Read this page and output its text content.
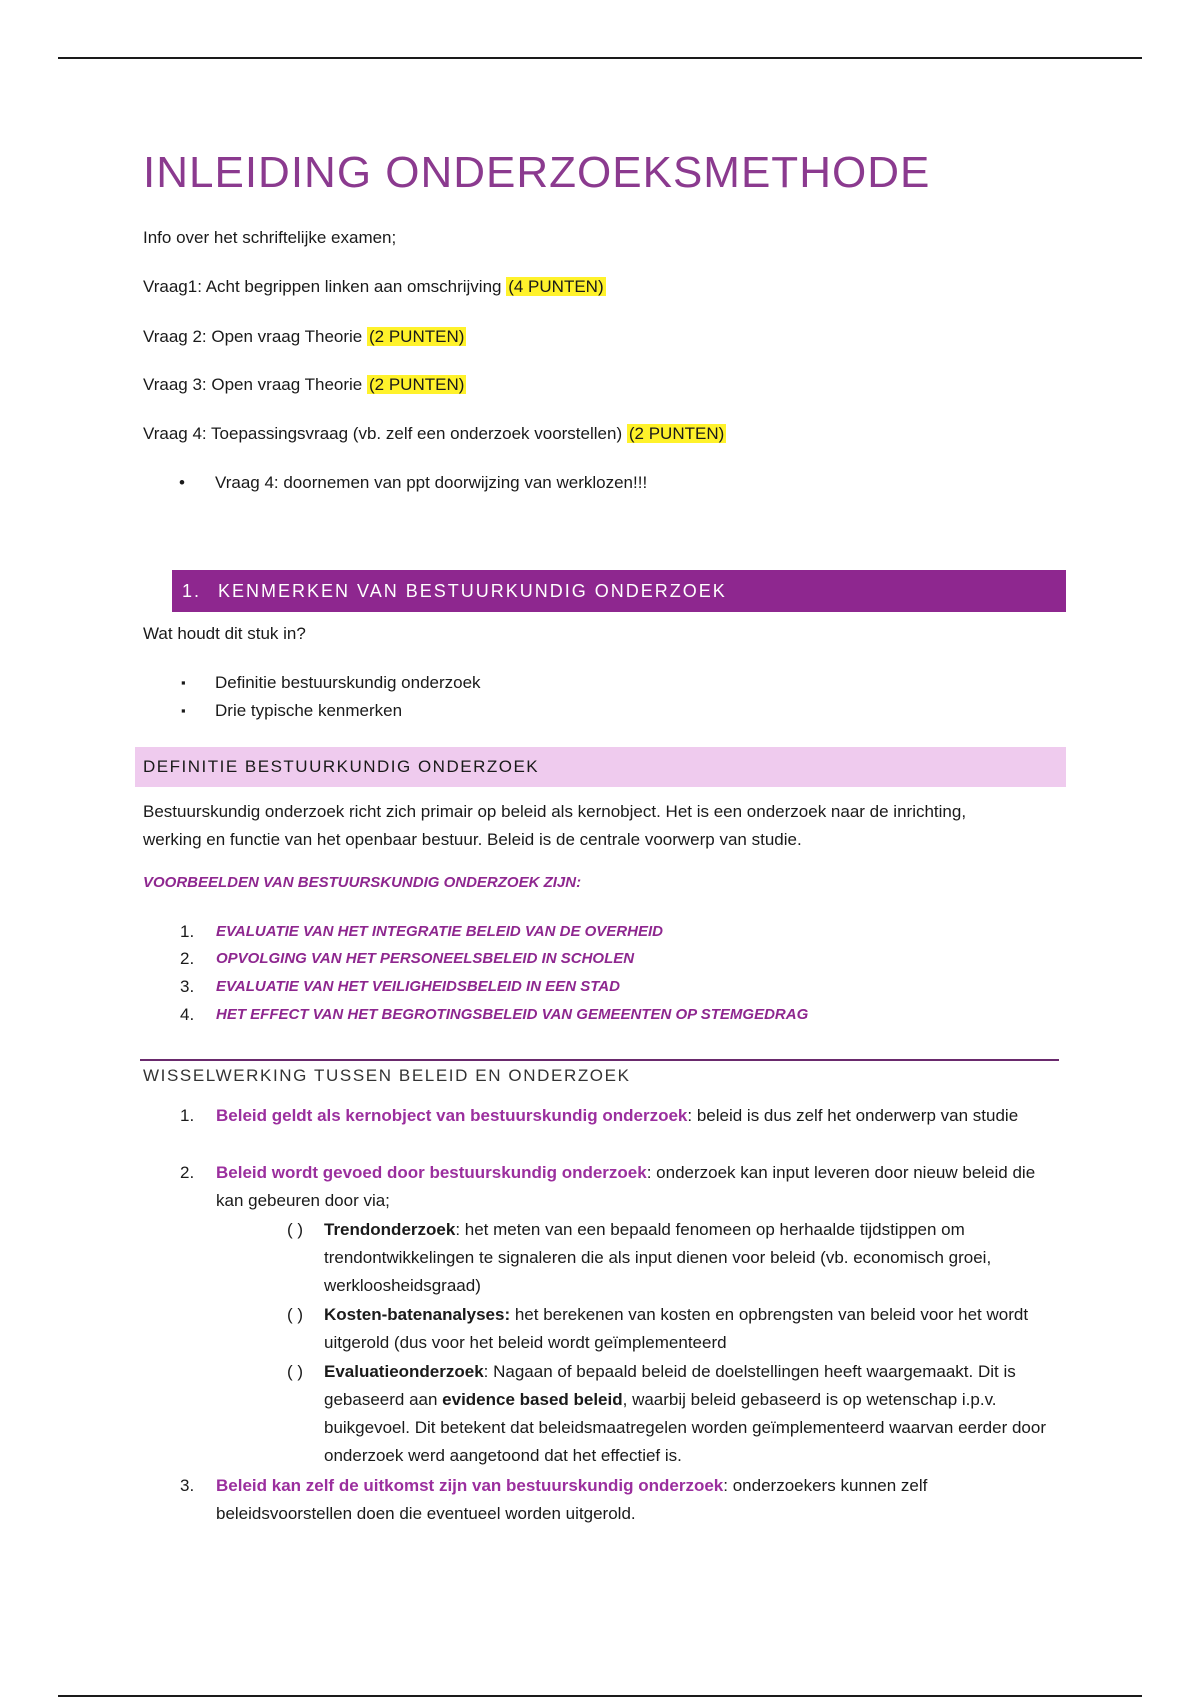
INLEIDING ONDERZOEKSMETHODE
Info over het schriftelijke examen;
Vraag1: Acht begrippen linken aan omschrijving (4 PUNTEN)
Vraag 2: Open vraag Theorie (2 PUNTEN)
Vraag 3: Open vraag Theorie (2 PUNTEN)
Vraag 4: Toepassingsvraag (vb. zelf een onderzoek voorstellen) (2 PUNTEN)
• Vraag 4: doornemen van ppt doorwijzing van werklozen!!!
1. KENMERKEN VAN BESTUURKUNDIG ONDERZOEK
Wat houdt dit stuk in?
▪ Definitie bestuurskundig onderzoek
▪ Drie typische kenmerken
DEFINITIE BESTUURKUNDIG ONDERZOEK
Bestuurskundig onderzoek richt zich primair op beleid als kernobject. Het is een onderzoek naar de inrichting,
werking en functie van het openbaar bestuur. Beleid is de centrale voorwerp van studie.
VOORBEELDEN VAN BESTUURSKUNDIG ONDERZOEK ZIJN:
1. EVALUATIE VAN HET INTEGRATIE BELEID VAN DE OVERHEID
2. OPVOLGING VAN HET PERSONEELSBELEID IN SCHOLEN
3. EVALUATIE VAN HET VEILIGHEIDSBELEID IN EEN STAD
4. HET EFFECT VAN HET BEGROTINGSBELEID VAN GEMEENTEN OP STEMGEDRAG
WISSELWERKING TUSSEN BELEID EN ONDERZOEK
1. Beleid geldt als kernobject van bestuurskundig onderzoek: beleid is dus zelf het onderwerp van studie
2. Beleid wordt gevoed door bestuurskundig onderzoek: onderzoek kan input leveren door nieuw beleid die kan gebeuren door via;
( ) Trendonderzoek: het meten van een bepaald fenomeen op herhaalde tijdstippen om trendontwikkelingen te signaleren die als input dienen voor beleid (vb. economisch groei, werkloosheidsgraad)
( ) Kosten-batenanalyses: het berekenen van kosten en opbrengsten van beleid voor het wordt uitgerold (dus voor het beleid wordt geïmplementeerd
( ) Evaluatieonderzoek: Nagaan of bepaald beleid de doelstellingen heeft waargemaakt. Dit is gebaseerd aan evidence based beleid, waarbij beleid gebaseerd is op wetenschap i.p.v. buikgevoel. Dit betekent dat beleidsmaatregelen worden geïmplementeerd waarvan eerder door onderzoek werd aangetoond dat het effectief is.
3. Beleid kan zelf de uitkomst zijn van bestuurskundig onderzoek: onderzoekers kunnen zelf beleidsvoorstellen doen die eventueel worden uitgerold.
